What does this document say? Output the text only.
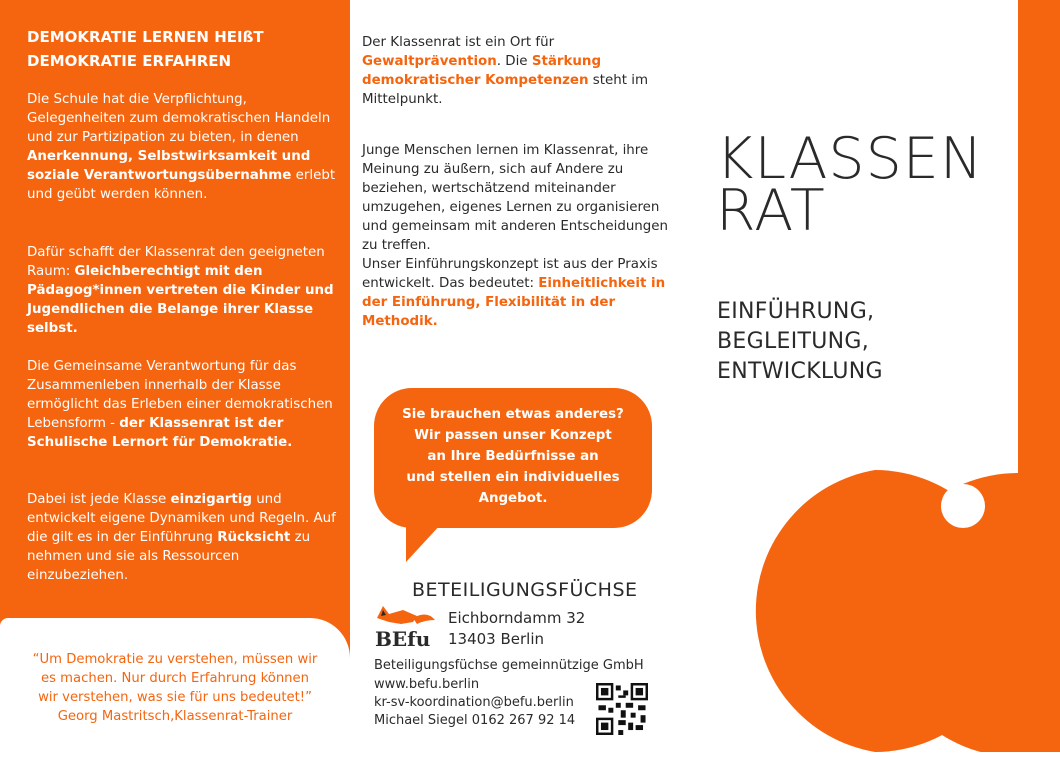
DEMOKRATIE LERNEN HEIßT
DEMOKRATIE ERFAHREN
Die Schule hat die Verpflichtung, Gelegenheiten zum demokratischen Handeln und zur Partizipation zu bieten, in denen Anerkennung, Selbstwirksamkeit und soziale Verantwortungsübernahme erlebt und geübt werden können.
Dafür schafft der Klassenrat den geeigneten Raum: Gleichberechtigt mit den Pädagog*innen vertreten die Kinder und Jugendlichen die Belange ihrer Klasse selbst.
Die Gemeinsame Verantwortung für das Zusammenleben innerhalb der Klasse ermöglicht das Erleben einer demokratischen Lebensform - der Klassenrat ist der Schulische Lernort für Demokratie.
Dabei ist jede Klasse einzigartig und entwickelt eigene Dynamiken und Regeln. Auf die gilt es in der Einführung Rücksicht zu nehmen und sie als Ressourcen einzubeziehen.
“Um Demokratie zu verstehen, müssen wir
es machen. Nur durch Erfahrung können
wir verstehen, was sie für uns bedeutet!”
Georg Mastritsch,Klassenrat-Trainer
Der Klassenrat ist ein Ort für Gewaltprävention. Die Stärkung demokratischer Kompetenzen steht im Mittelpunkt.
Junge Menschen lernen im Klassenrat, ihre Meinung zu äußern, sich auf Andere zu beziehen, wertschätzend miteinander umzugehen, eigenes Lernen zu organisieren und gemeinsam mit anderen Entscheidungen zu treffen.
Unser Einführungskonzept ist aus der Praxis entwickelt. Das bedeutet: Einheitlichkeit in der Einführung, Flexibilität in der Methodik.
Sie brauchen etwas anderes?
Wir passen unser Konzept
an Ihre Bedürfnisse an
und stellen ein individuelles
Angebot.
BETEILIGUNGSFÜCHSE
BEfu
Eichborndamm 32
13403 Berlin
Beteiligungsfüchse gemeinnützige GmbH
www.befu.berlin
kr-sv-koordination@befu.berlin
Michael Siegel 0162 267 92 14
KLASSEN
RAT
EINFÜHRUNG,
BEGLEITUNG,
ENTWICKLUNG
